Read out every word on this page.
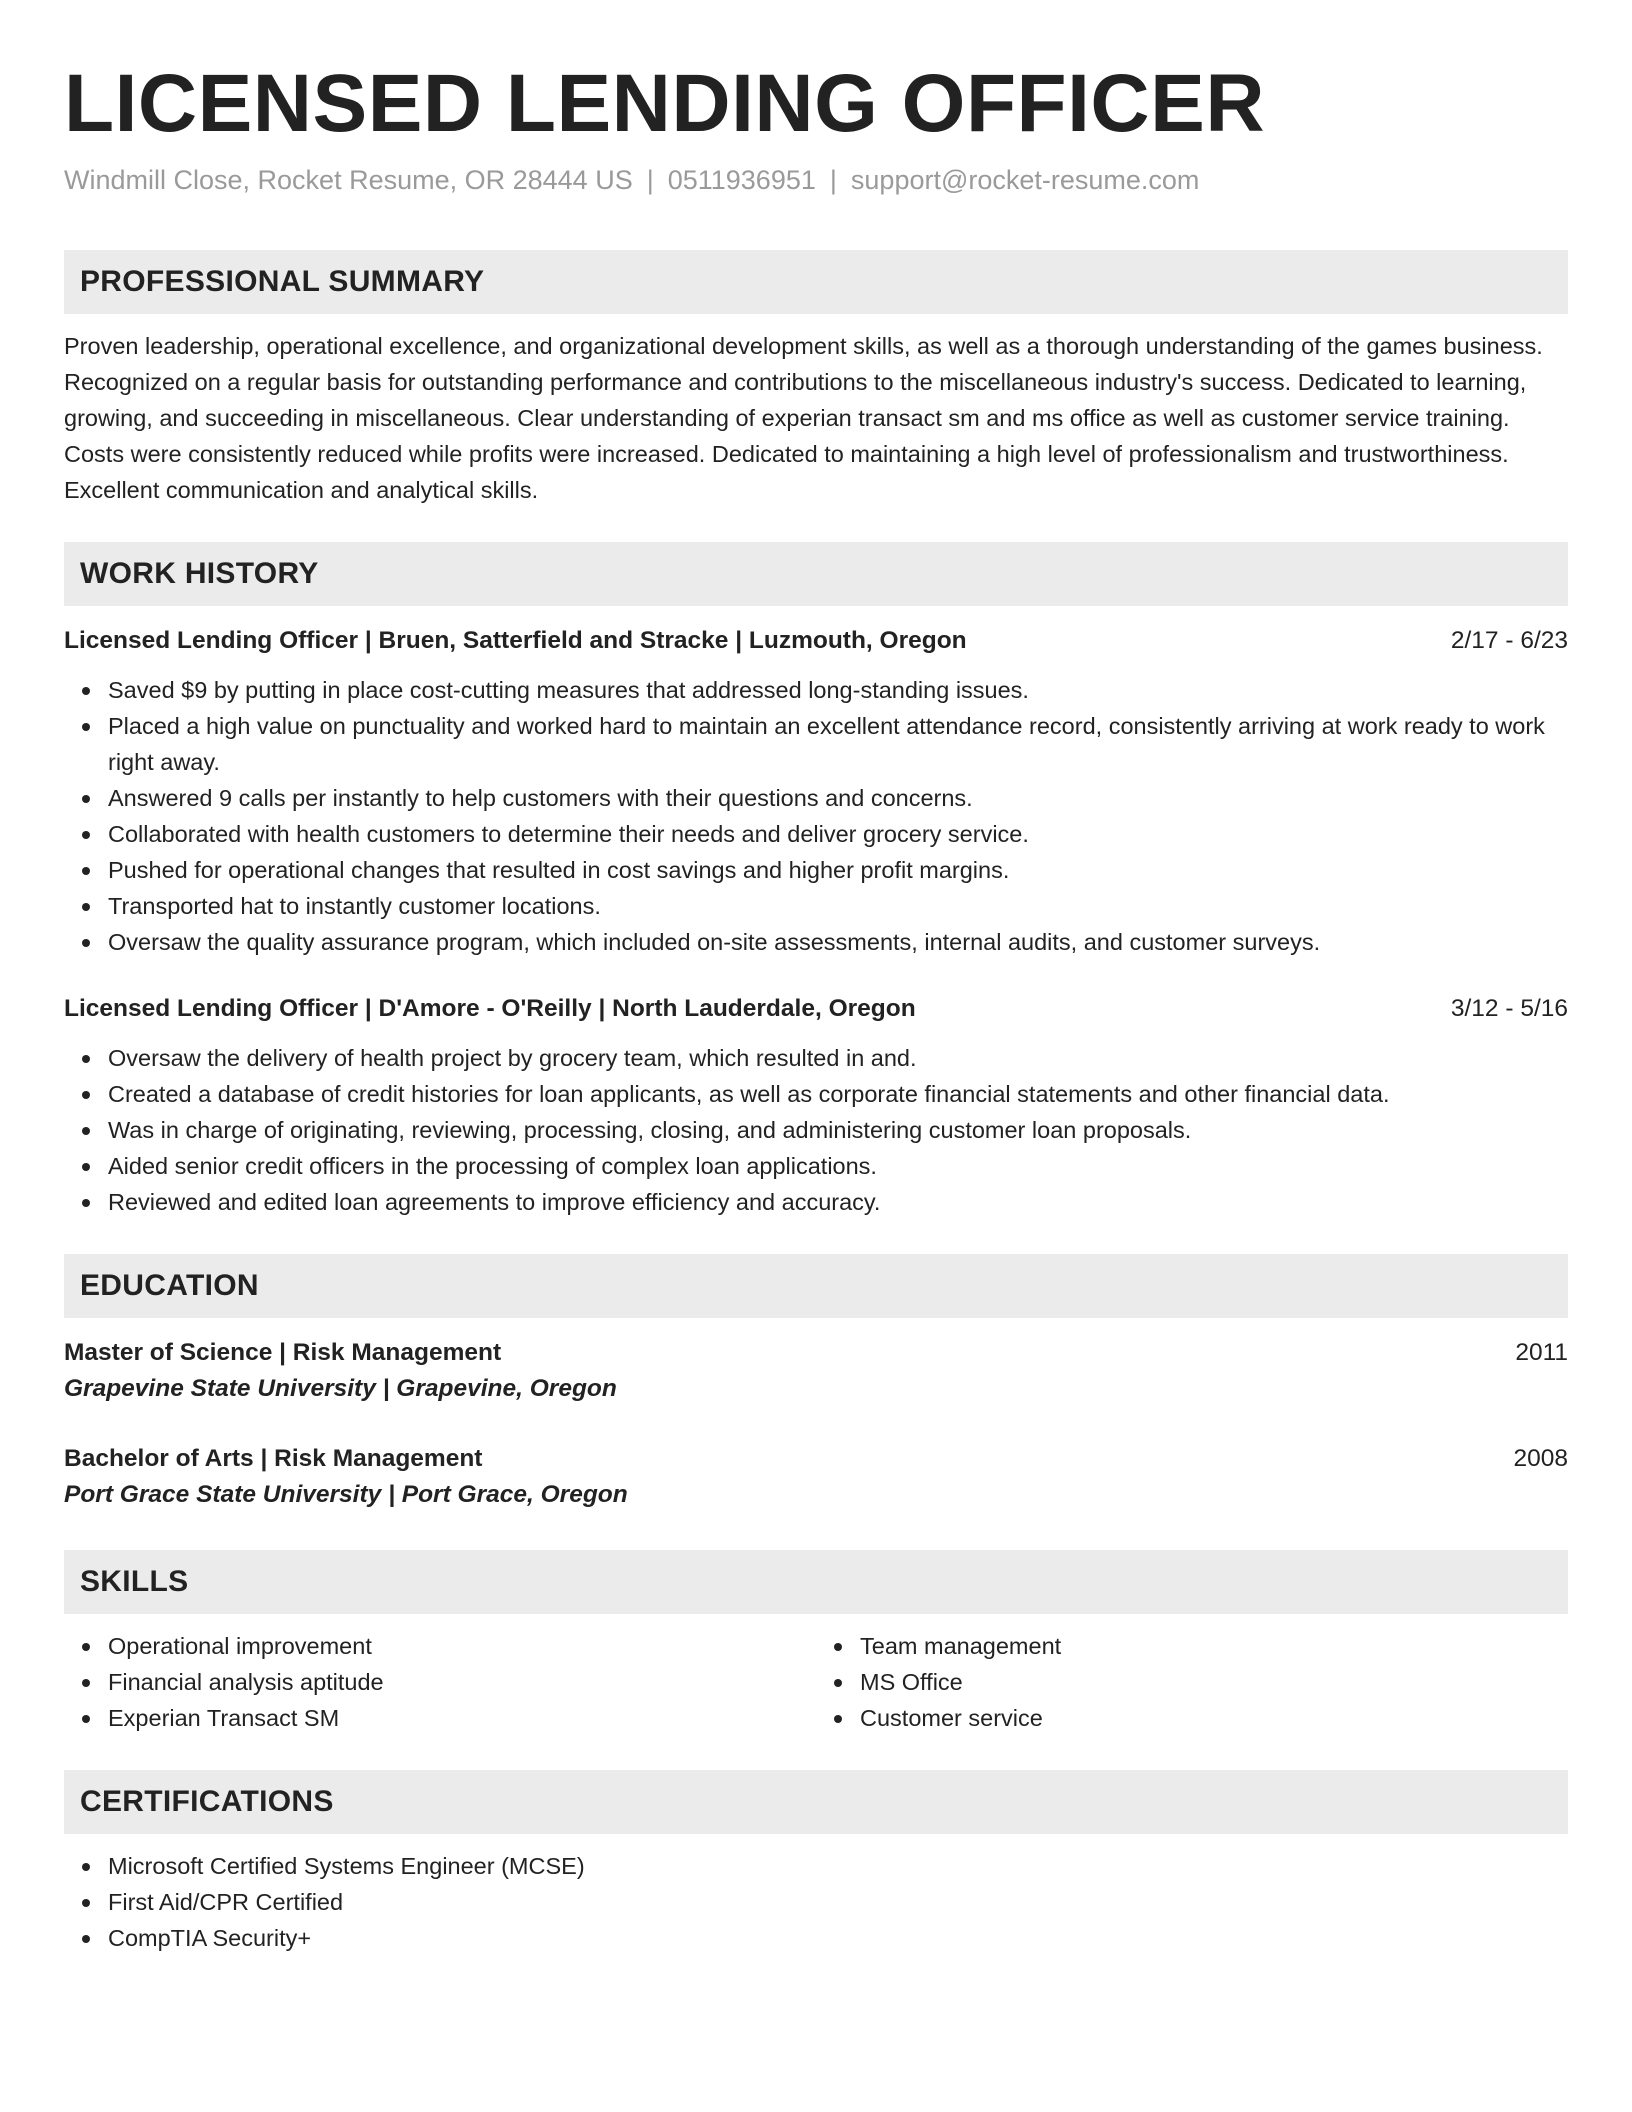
LICENSED LENDING OFFICER
Windmill Close, Rocket Resume, OR 28444 US | 0511936951 | support@rocket-resume.com
PROFESSIONAL SUMMARY

Proven leadership, operational excellence, and organizational development skills, as well as a thorough understanding of the games business. Recognized on a regular basis for outstanding performance and contributions to the miscellaneous industry's success. Dedicated to learning, growing, and succeeding in miscellaneous. Clear understanding of experian transact sm and ms office as well as customer service training. Costs were consistently reduced while profits were increased. Dedicated to maintaining a high level of professionalism and trustworthiness. Excellent communication and analytical skills.

WORK HISTORY
Licensed Lending Officer | Bruen, Satterfield and Stracke | Luzmouth, Oregon	2/17 - 6/23
Saved $9 by putting in place cost-cutting measures that addressed long-standing issues.
Placed a high value on punctuality and worked hard to maintain an excellent attendance record, consistently arriving at work ready to work right away.
Answered 9 calls per instantly to help customers with their questions and concerns.
Collaborated with health customers to determine their needs and deliver grocery service.
Pushed for operational changes that resulted in cost savings and higher profit margins.
Transported hat to instantly customer locations.
Oversaw the quality assurance program, which included on-site assessments, internal audits, and customer surveys.
Licensed Lending Officer | D'Amore - O'Reilly | North Lauderdale, Oregon	3/12 - 5/16
Oversaw the delivery of health project by grocery team, which resulted in and.
Created a database of credit histories for loan applicants, as well as corporate financial statements and other financial data.
Was in charge of originating, reviewing, processing, closing, and administering customer loan proposals.
Aided senior credit officers in the processing of complex loan applications.
Reviewed and edited loan agreements to improve efficiency and accuracy.
EDUCATION
Master of Science | Risk Management	2011
Grapevine State University | Grapevine, Oregon
Bachelor of Arts | Risk Management	2008
Port Grace State University | Port Grace, Oregon
SKILLS
Operational improvement
Financial analysis aptitude
Experian Transact SM
Team management
MS Office
Customer service
CERTIFICATIONS
Microsoft Certified Systems Engineer (MCSE)
First Aid/CPR Certified
CompTIA Security+
